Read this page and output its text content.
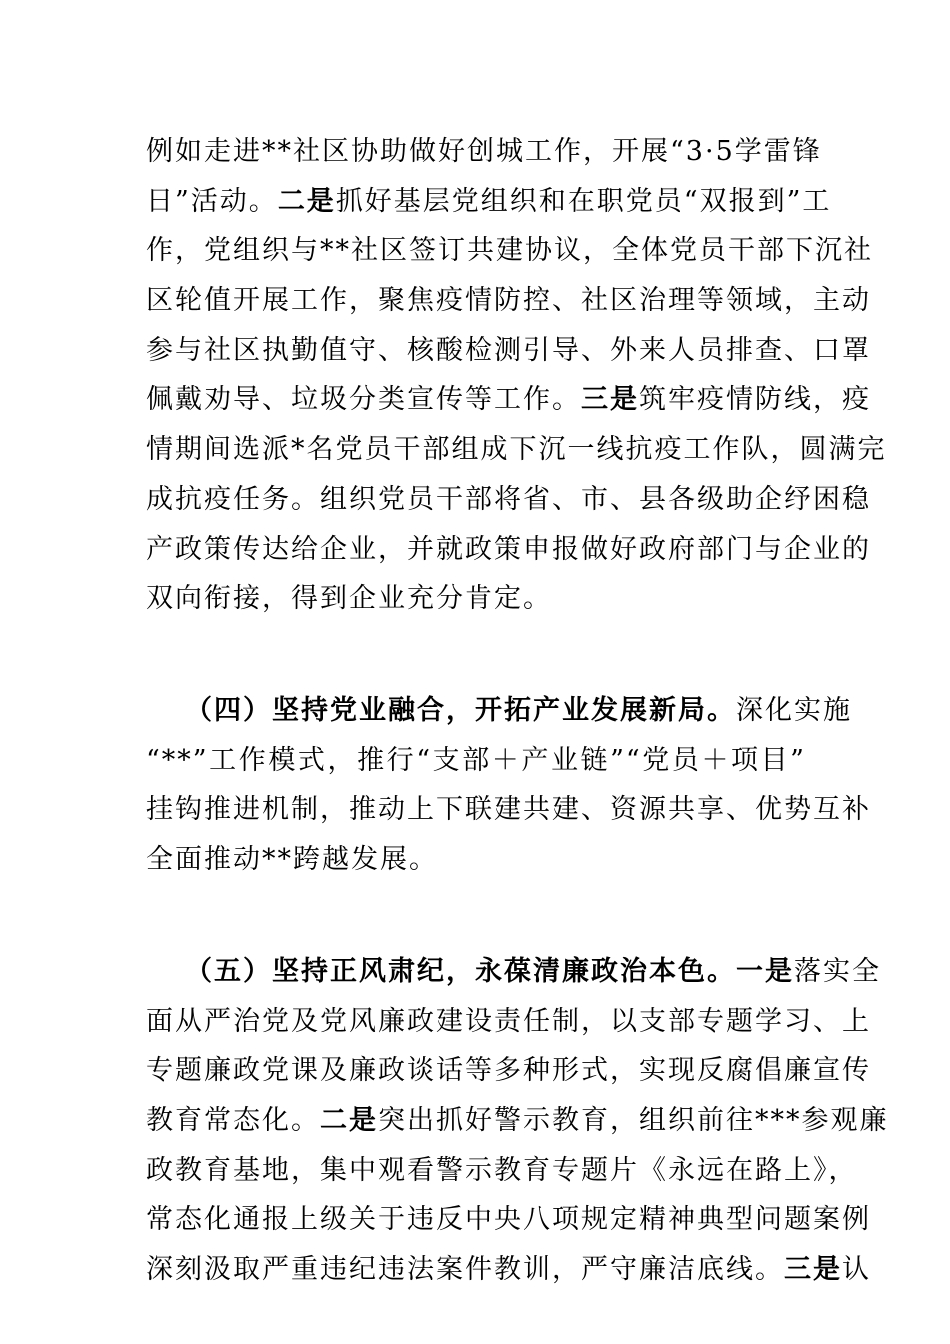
例如走进**社区协助做好创城工作，开展“3·5学雷锋
日”活动。二是抓好基层党组织和在职党员“双报到”工
作，党组织与**社区签订共建协议，全体党员干部下沉社
区轮值开展工作，聚焦疫情防控、社区治理等领域，主动
参与社区执勤值守、核酸检测引导、外来人员排查、口罩
佩戴劝导、垃圾分类宣传等工作。三是筑牢疫情防线，疫
情期间选派*名党员干部组成下沉一线抗疫工作队，圆满完
成抗疫任务。组织党员干部将省、市、县各级助企纾困稳
产政策传达给企业，并就政策申报做好政府部门与企业的
双向衔接，得到企业充分肯定。
（四）坚持党业融合，开拓产业发展新局。深化实施
“**”工作模式，推行“支部＋产业链”“党员＋项目”
挂钩推进机制，推动上下联建共建、资源共享、优势互补
全面推动**跨越发展。
（五）坚持正风肃纪，永葆清廉政治本色。一是落实全
面从严治党及党风廉政建设责任制，以支部专题学习、上
专题廉政党课及廉政谈话等多种形式，实现反腐倡廉宣传
教育常态化。二是突出抓好警示教育，组织前往***参观廉
政教育基地，集中观看警示教育专题片《永远在路上》，
常态化通报上级关于违反中央八项规定精神典型问题案例
深刻汲取严重违纪违法案件教训，严守廉洁底线。三是认
